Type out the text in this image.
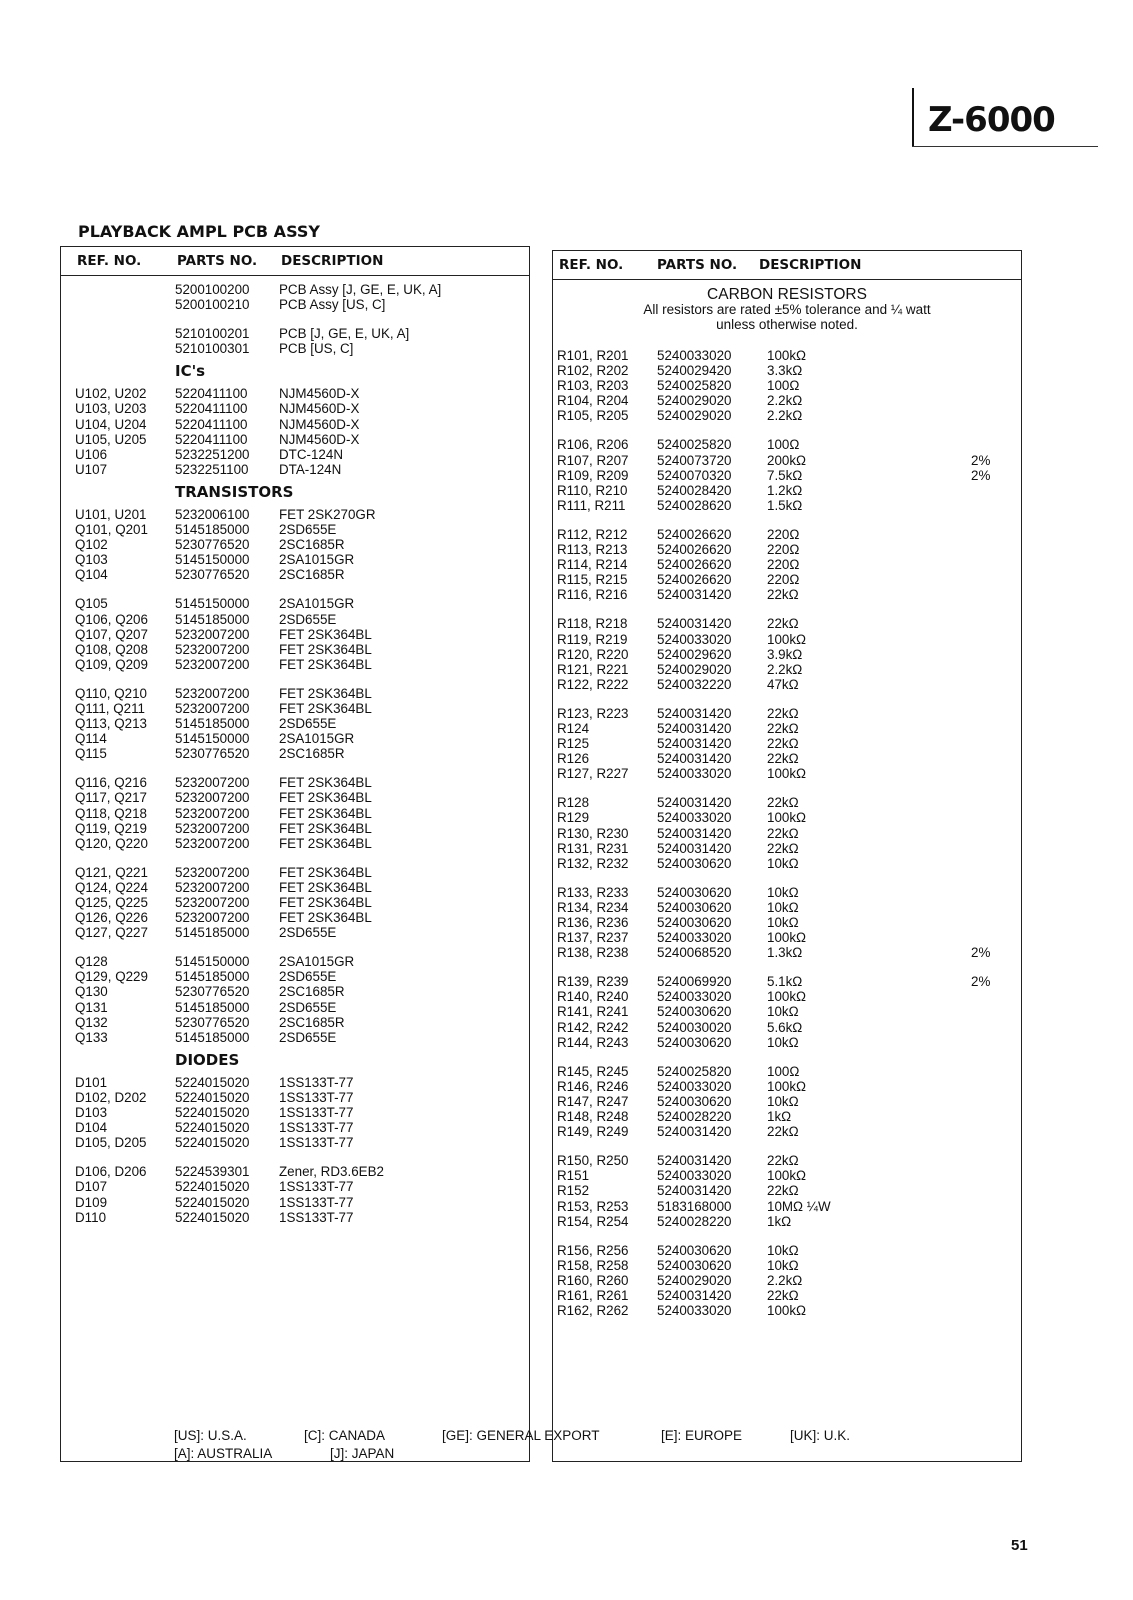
Z-6000
PLAYBACK AMPL PCB ASSY
REF. NO.	PARTS NO. DESCRIPTION
5200100200 PCB Assy [J, GE, E, UK, A]
5200100210 PCB Assy [US, C]
5210100201 PCB [J, GE, E, UK, A]
5210100301 PCB [US, C]
IC's
U102, U202 5220411100 NJM4560D-X
U103, U203 5220411100 NJM4560D-X
U104, U204 5220411100 NJM4560D-X
U105, U205 5220411100 NJM4560D-X
U106	5232251200 DTC-124N
U107	5232251100 DTA-124N
TRANSISTORS
U101, U201 5232006100 FET 2SK270GR
Q101, Q201 5145185000 2SD655E
Q102	5230776520 2SC1685R
Q103	5145150000 2SA1015GR
Q104	5230776520 2SC1685R
Q105	5145150000 2SA1015GR
Q106, Q206 5145185000 2SD655E
Q107, Q207 5232007200 FET 2SK364BL
Q108, Q208 5232007200 FET 2SK364BL
Q109, Q209 5232007200 FET 2SK364BL
Q110, Q210 5232007200 FET 2SK364BL
Q111, Q211 5232007200 FET 2SK364BL
Q113, Q213 5145185000 2SD655E
Q114	5145150000 2SA1015GR
Q115	5230776520 2SC1685R
Q116, Q216 5232007200 FET 2SK364BL
Q117, Q217 5232007200 FET 2SK364BL
Q118, Q218 5232007200 FET 2SK364BL
Q119, Q219 5232007200 FET 2SK364BL
Q120, Q220 5232007200 FET 2SK364BL
Q121, Q221 5232007200 FET 2SK364BL
Q124, Q224 5232007200 FET 2SK364BL
Q125, Q225 5232007200 FET 2SK364BL
Q126, Q226 5232007200 FET 2SK364BL
Q127, Q227 5145185000 2SD655E
Q128	5145150000 2SA1015GR
Q129, Q229 5145185000 2SD655E
Q130	5230776520 2SC1685R
Q131	5145185000 2SD655E
Q132	5230776520 2SC1685R
Q133	5145185000 2SD655E
DIODES
D101	5224015020 1SS133T-77
D102, D202 5224015020 1SS133T-77
D103	5224015020 1SS133T-77
D104	5224015020 1SS133T-77
D105, D205 5224015020 1SS133T-77
D106, D206 5224539301 Zener, RD3.6EB2
D107	5224015020 1SS133T-77
D109	5224015020 1SS133T-77
D110	5224015020 1SS133T-77
REF. NO. PARTS NO. DESCRIPTION
CARBON RESISTORS
All resistors are rated ±5% tolerance and ¼ watt
unless otherwise noted.
R101, R201 5240033020	100kΩ
R102, R202 5240029420	3.3kΩ
R103, R203 5240025820	100Ω
R104, R204 5240029020	2.2kΩ
R105, R205 5240029020	2.2kΩ
R106, R206 5240025820	100Ω
R107, R207 5240073720	200kΩ	2%
R109, R209 5240070320	7.5kΩ	2%
R110, R210 5240028420	1.2kΩ
R111, R211 5240028620	1.5kΩ
R112, R212 5240026620	220Ω
R113, R213 5240026620	220Ω
R114, R214 5240026620	220Ω
R115, R215 5240026620	220Ω
R116, R216 5240031420	22kΩ
R118, R218 5240031420	22kΩ
R119, R219 5240033020	100kΩ
R120, R220 5240029620	3.9kΩ
R121, R221 5240029020	2.2kΩ
R122, R222 5240032220	47kΩ
R123, R223 5240031420	22kΩ
R124	5240031420	22kΩ
R125	5240031420	22kΩ
R126	5240031420	22kΩ
R127, R227 5240033020	100kΩ
R128	5240031420	22kΩ
R129	5240033020	100kΩ
R130, R230 5240031420	22kΩ
R131, R231 5240031420	22kΩ
R132, R232 5240030620	10kΩ
R133, R233 5240030620	10kΩ
R134, R234 5240030620	10kΩ
R136, R236 5240030620	10kΩ
R137, R237 5240033020	100kΩ
R138, R238 5240068520	1.3kΩ	2%
R139, R239 5240069920	5.1kΩ	2%
R140, R240 5240033020	100kΩ
R141, R241 5240030620	10kΩ
R142, R242 5240030020	5.6kΩ
R144, R243 5240030620	10kΩ
R145, R245 5240025820	100Ω
R146, R246 5240033020	100kΩ
R147, R247 5240030620	10kΩ
R148, R248 5240028220	1kΩ
R149, R249 5240031420	22kΩ
R150, R250 5240031420	22kΩ
R151	5240033020	100kΩ
R152	5240031420	22kΩ
R153, R253 5183168000	10MΩ ¼W
R154, R254 5240028220	1kΩ
R156, R256 5240030620	10kΩ
R158, R258 5240030620	10kΩ
R160, R260 5240029020	2.2kΩ
R161, R261 5240031420	22kΩ
R162, R262 5240033020	100kΩ
[US]: U.S.A.	[C]: CANADA	[GE]: GENERAL EXPORT	[E]: EUROPE	[UK]: U.K.
[A]: AUSTRALIA	[J]: JAPAN
51
